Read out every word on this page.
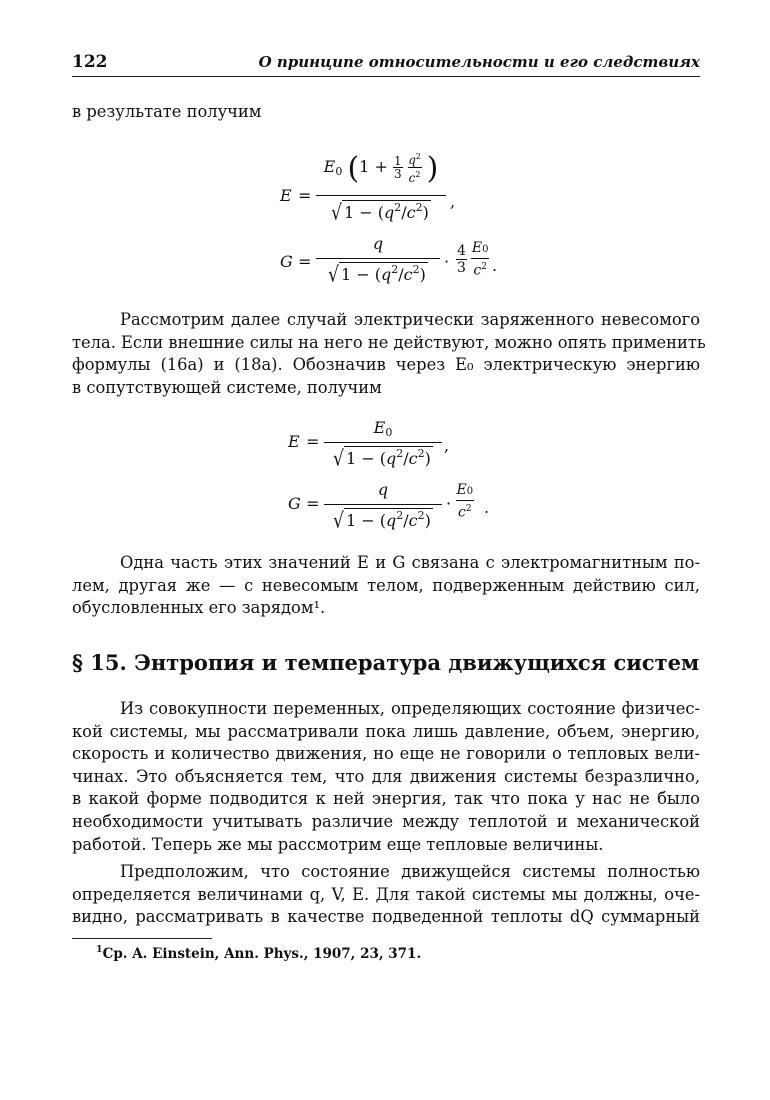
122	О принципе относительности и его следствиях
в результате получим
E =
$E_0$ (1 + 1
3 $q^2$
$c^2$ )
√ $1 - (q^2/c^2)$
,
G =
q
√ $1 - (q^2/c^2)$
·
4
3 E0
$c^2$ .
Рассмотрим далее случай электрически заряженного невесомого
тела. Если внешние силы на него не действуют, можно опять применить
формулы (16а) и (18а). Обозначив через E₀ электрическую энергию
в сопутствующей системе, получим
E =
$E_0$
√ $1 - (q^2/c^2)$
,
G =
q
√ $1 - (q^2/c^2)$
·
E0
$c^2$ .
Одна часть этих значений E и G связана с электромагнитным по-
лем, другая же — с невесомым телом, подверженным действию сил,
обусловленных его зарядом¹.
§ 15. Энтропия и температура движущихся систем
Из совокупности переменных, определяющих состояние физичес-
кой системы, мы рассматривали пока лишь давление, объем, энергию,
скорость и количество движения, но еще не говорили о тепловых вели-
чинах. Это объясняется тем, что для движения системы безразлично,
в какой форме подводится к ней энергия, так что пока у нас не было
необходимости учитывать различие между теплотой и механической
работой. Теперь же мы рассмотрим еще тепловые величины.
Предположим, что состояние движущейся системы полностью
определяется величинами q, V, E. Для такой системы мы должны, оче-
видно, рассматривать в качестве подведенной теплоты dQ суммарный
$^1$Ср. A. Einstein, Ann. Phys., 1907, 23, 371.
